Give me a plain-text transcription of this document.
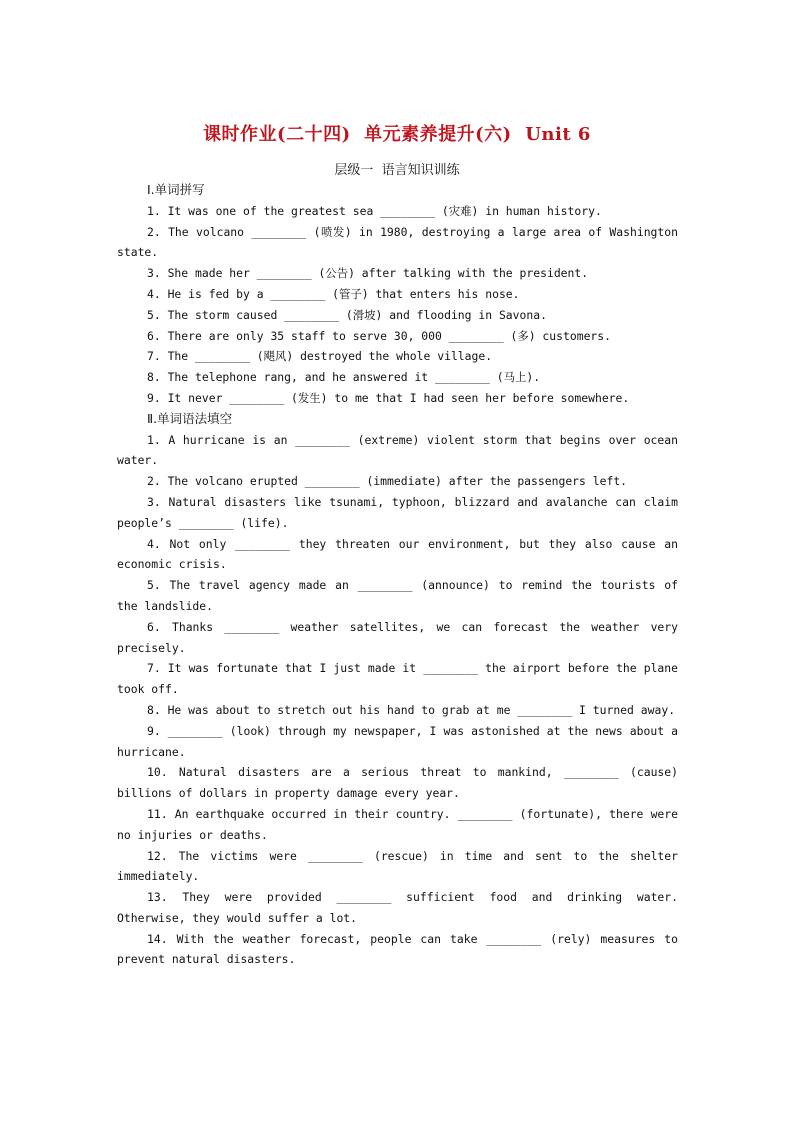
课时作业(二十四)  单元素养提升(六)  Unit 6
层级一  语言知识训练
Ⅰ.单词拼写
1. It was one of the greatest sea ________ (灾难) in human history.
2. The volcano ________ (喷发) in 1980, destroying a large area of Washington state.
3. She made her ________ (公告) after talking with the president.
4. He is fed by a ________ (管子) that enters his nose.
5. The storm caused ________ (滑坡) and flooding in Savona.
6. There are only 35 staff to serve 30, 000 ________ (多) customers.
7. The ________ (飓风) destroyed the whole village.
8. The telephone rang, and he answered it ________ (马上).
9. It never ________ (发生) to me that I had seen her before somewhere.
Ⅱ.单词语法填空
1. A hurricane is an ________ (extreme) violent storm that begins over ocean water.
2. The volcano erupted ________ (immediate) after the passengers left.
3. Natural disasters like tsunami, typhoon, blizzard and avalanche can claim people’s ________ (life).
4. Not only ________ they threaten our environment, but they also cause an economic crisis.
5. The travel agency made an ________ (announce) to remind the tourists of the landslide.
6. Thanks ________ weather satellites, we can forecast the weather very precisely.
7. It was fortunate that I just made it ________ the airport before the plane took off.
8. He was about to stretch out his hand to grab at me ________ I turned away.
9. ________ (look) through my newspaper, I was astonished at the news about a hurricane.
10. Natural disasters are a serious threat to mankind, ________ (cause) billions of dollars in property damage every year.
11. An earthquake occurred in their country. ________ (fortunate), there were no injuries or deaths.
12. The victims were ________ (rescue) in time and sent to the shelter immediately.
13. They were provided ________ sufficient food and drinking water. Otherwise, they would suffer a lot.
14. With the weather forecast, people can take ________ (rely) measures to prevent natural disasters.
